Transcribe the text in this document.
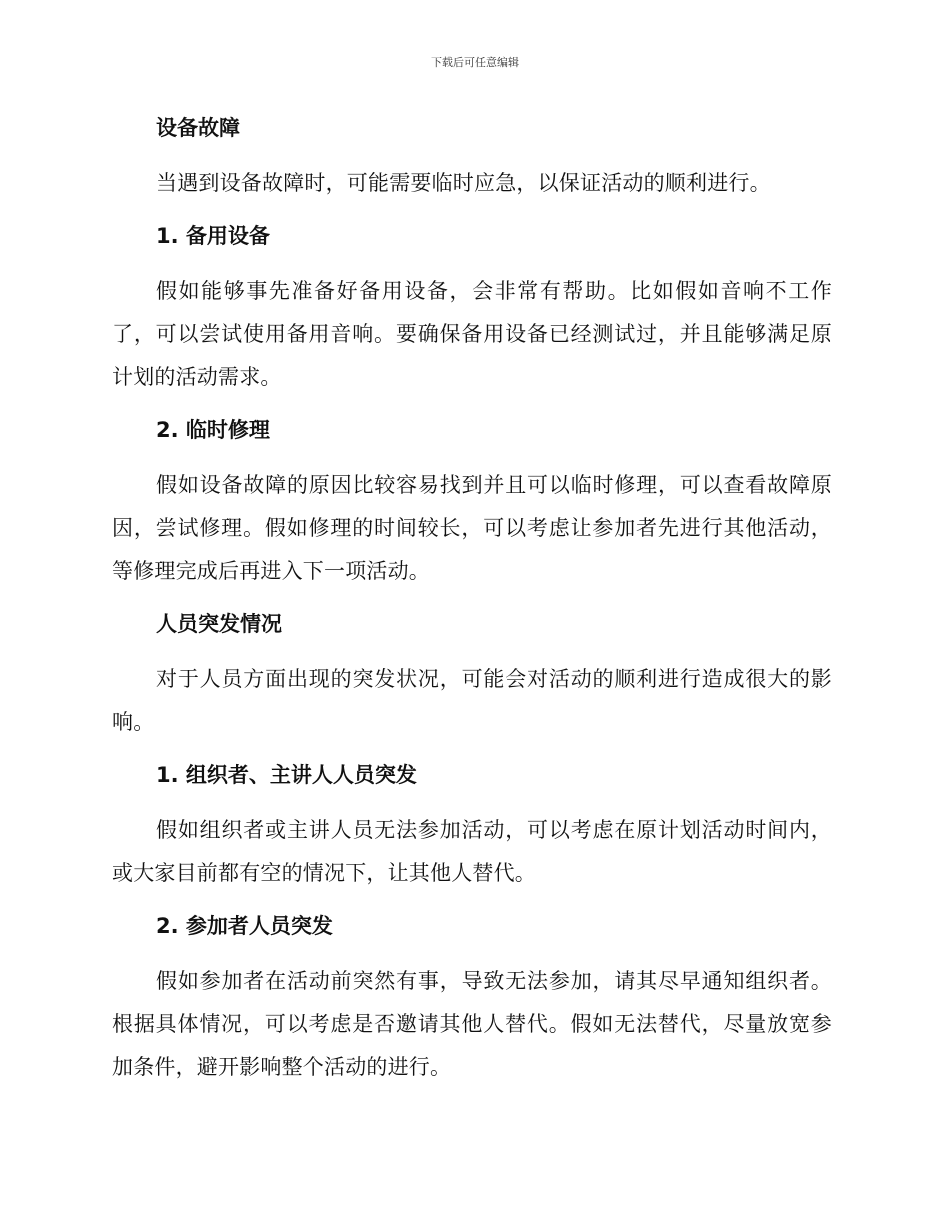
下载后可任意编辑
设备故障
当遇到设备故障时，可能需要临时应急，以保证活动的顺利进行。
1. 备用设备
假如能够事先准备好备用设备，会非常有帮助。比如假如音响不工作了，可以尝试使用备用音响。要确保备用设备已经测试过，并且能够满足原计划的活动需求。
2. 临时修理
假如设备故障的原因比较容易找到并且可以临时修理，可以查看故障原因，尝试修理。假如修理的时间较长，可以考虑让参加者先进行其他活动，等修理完成后再进入下一项活动。
人员突发情况
对于人员方面出现的突发状况，可能会对活动的顺利进行造成很大的影响。
1. 组织者、主讲人人员突发
假如组织者或主讲人员无法参加活动，可以考虑在原计划活动时间内，或大家目前都有空的情况下，让其他人替代。
2. 参加者人员突发
假如参加者在活动前突然有事，导致无法参加，请其尽早通知组织者。根据具体情况，可以考虑是否邀请其他人替代。假如无法替代，尽量放宽参加条件，避开影响整个活动的进行。
